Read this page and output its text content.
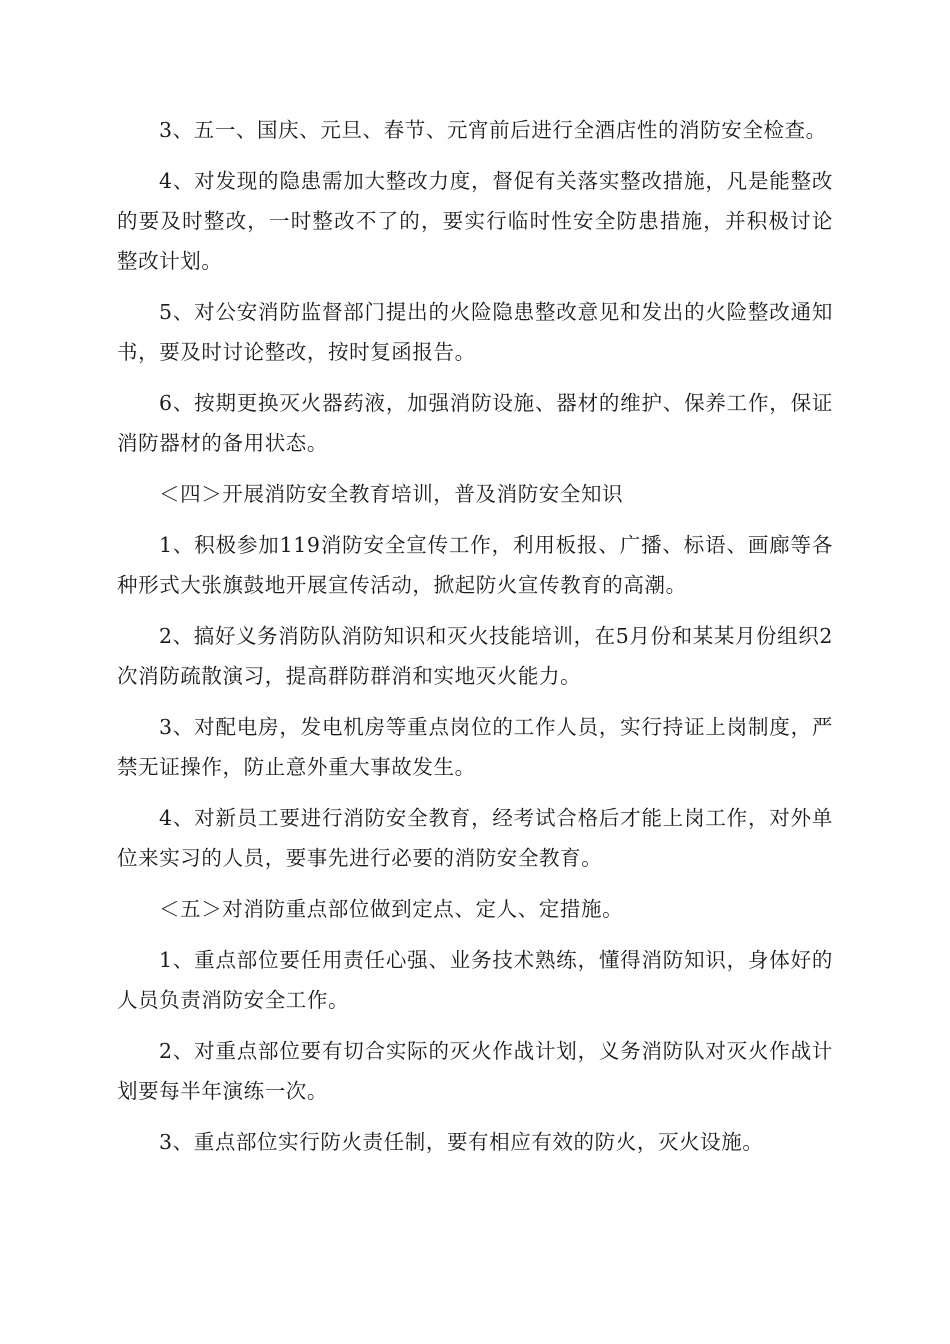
3、五一、国庆、元旦、春节、元宵前后进行全酒店性的消防安全检查。

4、对发现的隐患需加大整改力度，督促有关落实整改措施，凡是能整改的要及时整改，一时整改不了的，要实行临时性安全防患措施，并积极讨论整改计划。

5、对公安消防监督部门提出的火险隐患整改意见和发出的火险整改通知书，要及时讨论整改，按时复函报告。

6、按期更换灭火器药液，加强消防设施、器材的维护、保养工作，保证消防器材的备用状态。

＜四＞开展消防安全教育培训，普及消防安全知识

1、积极参加119消防安全宣传工作，利用板报、广播、标语、画廊等各种形式大张旗鼓地开展宣传活动，掀起防火宣传教育的高潮。

2、搞好义务消防队消防知识和灭火技能培训，在5月份和某某月份组织2次消防疏散演习，提高群防群消和实地灭火能力。

3、对配电房，发电机房等重点岗位的工作人员，实行持证上岗制度，严禁无证操作，防止意外重大事故发生。

4、对新员工要进行消防安全教育，经考试合格后才能上岗工作，对外单位来实习的人员，要事先进行必要的消防安全教育。

＜五＞对消防重点部位做到定点、定人、定措施。

1、重点部位要任用责任心强、业务技术熟练，懂得消防知识，身体好的人员负责消防安全工作。

2、对重点部位要有切合实际的灭火作战计划，义务消防队对灭火作战计划要每半年演练一次。

3、重点部位实行防火责任制，要有相应有效的防火，灭火设施。
